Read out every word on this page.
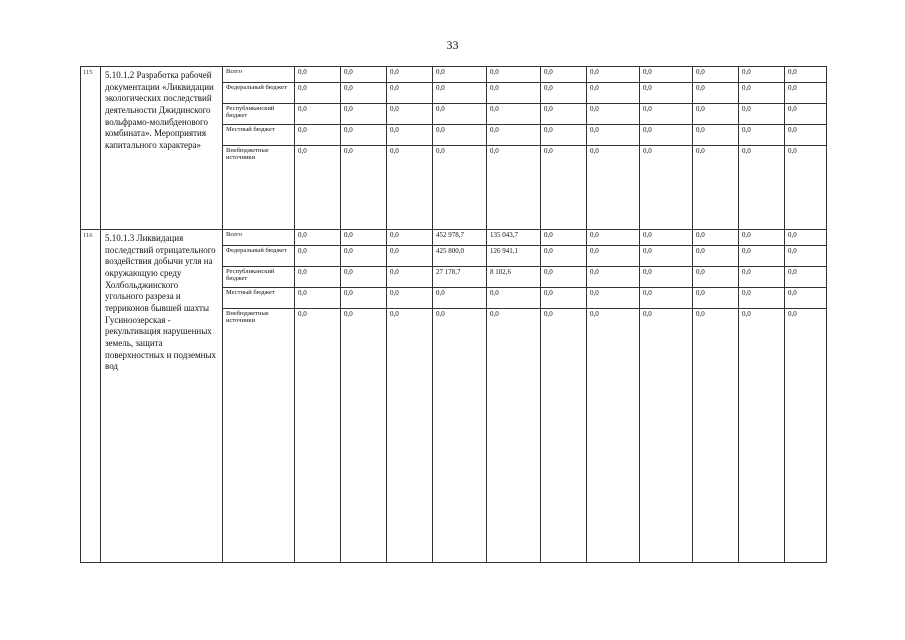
33
115	5.10.1.2 Разработка рабочей документации «Ликвидации экологических последствий деятельности Джидинского вольфрамо-молибденового комбината». Мероприятия капитального характера»	Всего	0,0	0,0	0,0	0,0	0,0	0,0	0,0	0,0	0,0	0,0	0,0
		Федеральный бюджет	0,0	0,0	0,0	0,0	0,0	0,0	0,0	0,0	0,0	0,0	0,0
		Республиканский бюджет	0,0	0,0	0,0	0,0	0,0	0,0	0,0	0,0	0,0	0,0	0,0
		Местный бюджет	0,0	0,0	0,0	0,0	0,0	0,0	0,0	0,0	0,0	0,0	0,0
		Внебюджетные источники	0,0	0,0	0,0	0,0	0,0	0,0	0,0	0,0	0,0	0,0	0,0
116	5.10.1.3 Ликвидация последствий отрицательного воздействия добычи угля на окружающую среду Холбольджинского угольного разреза и терриконов бывшей шахты Гусиноозерская - рекультивация нарушенных земель, защита поверхностных и подземных вод	Всего	0,0	0,0	0,0	452 978,7	135 043,7	0,0	0,0	0,0	0,0	0,0	0,0
		Федеральный бюджет	0,0	0,0	0,0	425 800,0	126 941,1	0,0	0,0	0,0	0,0	0,0	0,0
		Республиканский бюджет	0,0	0,0	0,0	27 178,7	8 102,6	0,0	0,0	0,0	0,0	0,0	0,0
		Местный бюджет	0,0	0,0	0,0	0,0	0,0	0,0	0,0	0,0	0,0	0,0	0,0
		Внебюджетные источники	0,0	0,0	0,0	0,0	0,0	0,0	0,0	0,0	0,0	0,0	0,0
